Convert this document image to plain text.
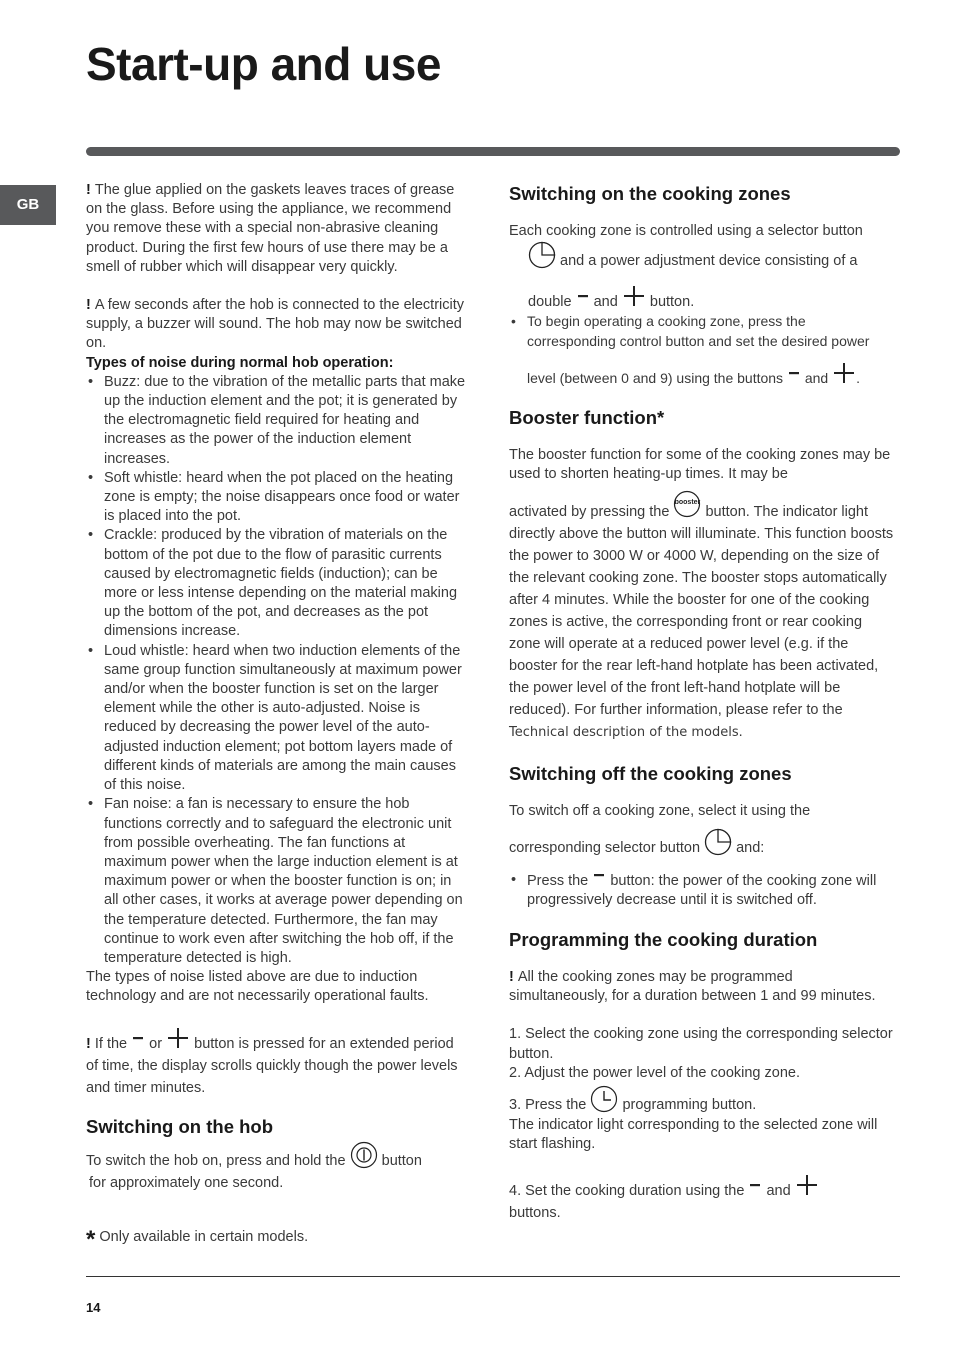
Start-up and use
GB

! The glue applied on the gaskets leaves traces of grease on the glass. Before using the appliance, we recommend you remove these with a special non-abrasive cleaning product. During the first few hours of use there may be a smell of rubber which will disappear very quickly.

! A few seconds after the hob is connected to the electricity supply, a buzzer will sound. The hob may now be switched on.

Types of noise during normal hob operation:

• Buzz: due to the vibration of the metallic parts that make up the induction element and the pot; it is generated by the electromagnetic field required for heating and increases as the power of the induction element increases.
• Soft whistle: heard when the pot placed on the heating zone is empty; the noise disappears once food or water is placed into the pot.
• Crackle: produced by the vibration of materials on the bottom of the pot due to the flow of parasitic currents caused by electromagnetic fields (induction); can be more or less intense depending on the material making up the bottom of the pot, and decreases as the pot dimensions increase.
• Loud whistle: heard when two induction elements of the same group function simultaneously at maximum power and/or when the booster function is set on the larger element while the other is auto-adjusted. Noise is reduced by decreasing the power level of the auto-adjusted induction element; pot bottom layers made of different kinds of materials are among the main causes of this noise.
• Fan noise: a fan is necessary to ensure the hob functions correctly and to safeguard the electronic unit from possible overheating. The fan functions at maximum power when the large induction element is at maximum power or when the booster function is on; in all other cases, it works at average power depending on the temperature detected. Furthermore, the fan may continue to work even after switching the hob off, if the temperature detected is high.

The types of noise listed above are due to induction technology and are not necessarily operational faults.

! If the or button is pressed for an extended period of time, the display scrolls quickly though the power levels and timer minutes.

Switching on the hob

To switch the hob on, press and hold the button
for approximately one second.

Switching on the cooking zones

Each cooking zone is controlled using a selector button

and a power adjustment device consisting of a

double and button.

• To begin operating a cooking zone, press the corresponding control button and set the desired power
level (between 0 and 9) using the buttons and .
Booster function*

The booster function for some of the cooking zones may be used to shorten heating-up times. It may be

activated by pressing the
booster
button. The indicator light directly above the button will illuminate. This function boosts the power to 3000 W or 4000 W, depending on the size of the relevant cooking zone. The booster stops automatically after 4 minutes. While the booster for one of the cooking zones is active, the corresponding front or rear cooking zone will operate at a reduced power level (e.g. if the booster for the rear left-hand hotplate has been activated, the power level of the front left-hand hotplate will be reduced). For further information, please refer to the Technical description of the models.

Switching off the cooking zones

To switch off a cooking zone, select it using the

corresponding selector button and:

• Press the button: the power of the cooking zone will progressively decrease until it is switched off.
Programming the cooking duration

! All the cooking zones may be programmed simultaneously, for a duration between 1 and 99 minutes.

1. Select the cooking zone using the corresponding selector button.

2. Adjust the power level of the cooking zone.

3. Press the programming button.

The indicator light corresponding to the selected zone will start flashing.

4. Set the cooking duration using the and
buttons.

* Only available in certain models.
14
